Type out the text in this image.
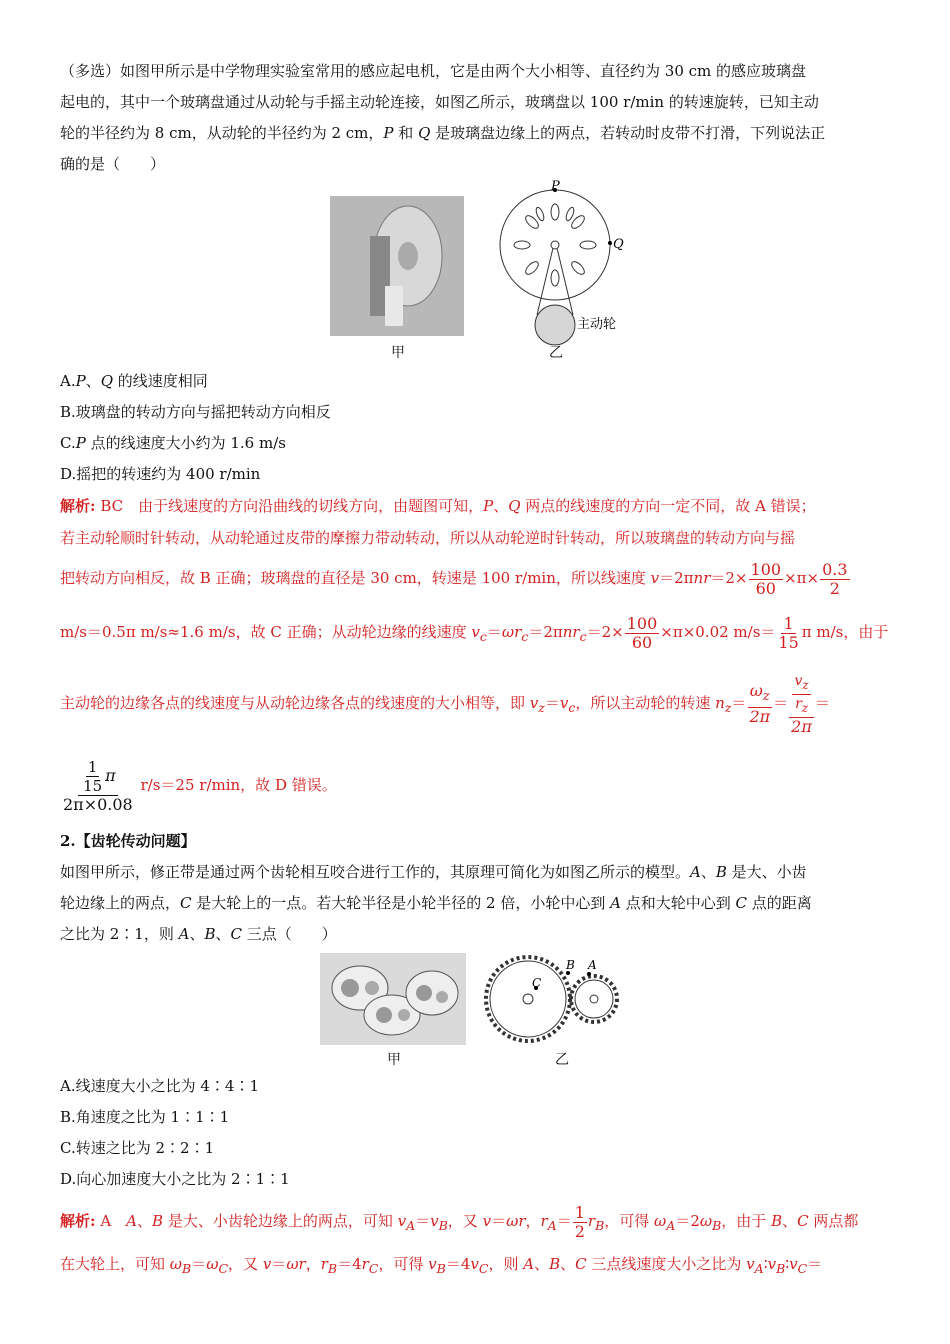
（多选）如图甲所示是中学物理实验室常用的感应起电机，它是由两个大小相等、直径约为 30 cm 的感应玻璃盘
起电的，其中一个玻璃盘通过从动轮与手摇主动轮连接，如图乙所示，玻璃盘以 100 r/min 的转速旋转，已知主动
轮的半径约为 8 cm，从动轮的半径约为 2 cm，P 和 Q 是玻璃盘边缘上的两点，若转动时皮带不打滑，下列说法正
确的是（　　）
甲
P
Q
主动轮
乙
A.P、Q 的线速度相同
B.玻璃盘的转动方向与摇把转动方向相反
C.P 点的线速度大小约为 1.6 m/s
D.摇把的转速约为 400 r/min
解析: BC　由于线速度的方向沿曲线的切线方向，由题图可知，P、Q 两点的线速度的方向一定不同，故 A 错误；
若主动轮顺时针转动，从动轮通过皮带的摩擦力带动转动，所以从动轮逆时针转动，所以玻璃盘的转动方向与摇
把转动方向相反，故 B 正确；玻璃盘的直径是 30 cm，转速是 100 r/min，所以线速度 $v=2\pi nr=2\times \frac{100}{60} \times\pi\times \frac{0.3}{2}$
m/s＝0.5π m/s≈1.6 m/s，故 C 正确；从动轮边缘的线速度 $v_c=\omega r_c=2\pi nr_c=2\times \frac{100}{60} \times\pi\times 0.02$ $m/s= \frac{1}{15}$ π m/s，由于
主动轮的边缘各点的线速度与从动轮边缘各点的线速度的大小相等，即 $v_z=v_c$，所以主动轮的转速 $n_z= \frac{\omega_z}{2\pi} = \frac{\frac{v_z}{r_z}}{2\pi}$ ＝
$\frac{\frac{1}{15} \pi}{2\pi\times 0.08} r/s=25$ r/min，故 D 错误。
2.【齿轮传动问题】
如图甲所示，修正带是通过两个齿轮相互咬合进行工作的，其原理可简化为如图乙所示的模型。A、B 是大、小齿
轮边缘上的两点，C 是大轮上的一点。若大轮半径是小轮半径的 2 倍，小轮中心到 A 点和大轮中心到 C 点的距离
之比为 2∶1，则 A、B、C 三点（　　）
甲
C
B A
乙
A.线速度大小之比为 4∶4∶1
B.角速度之比为 1∶1∶1
C.转速之比为 2∶2∶1
D.向心加速度大小之比为 2∶1∶1
解析: A　A、B 是大、小齿轮边缘上的两点，可知 $v_A=v_B$，又 v＝ωr，$r_A= \frac{1}{2} r_B$，可得 $\omega_A=2\omega_B$，由于 B、C 两点都
在大轮上，可知 $\omega_B=\omega_C$，又 v＝ωr，$r_B=4r_C$，可得 $v_B=4v_C$，则 A、B、C 三点线速度大小之比为 $v_A∶v_B∶v_C=$
